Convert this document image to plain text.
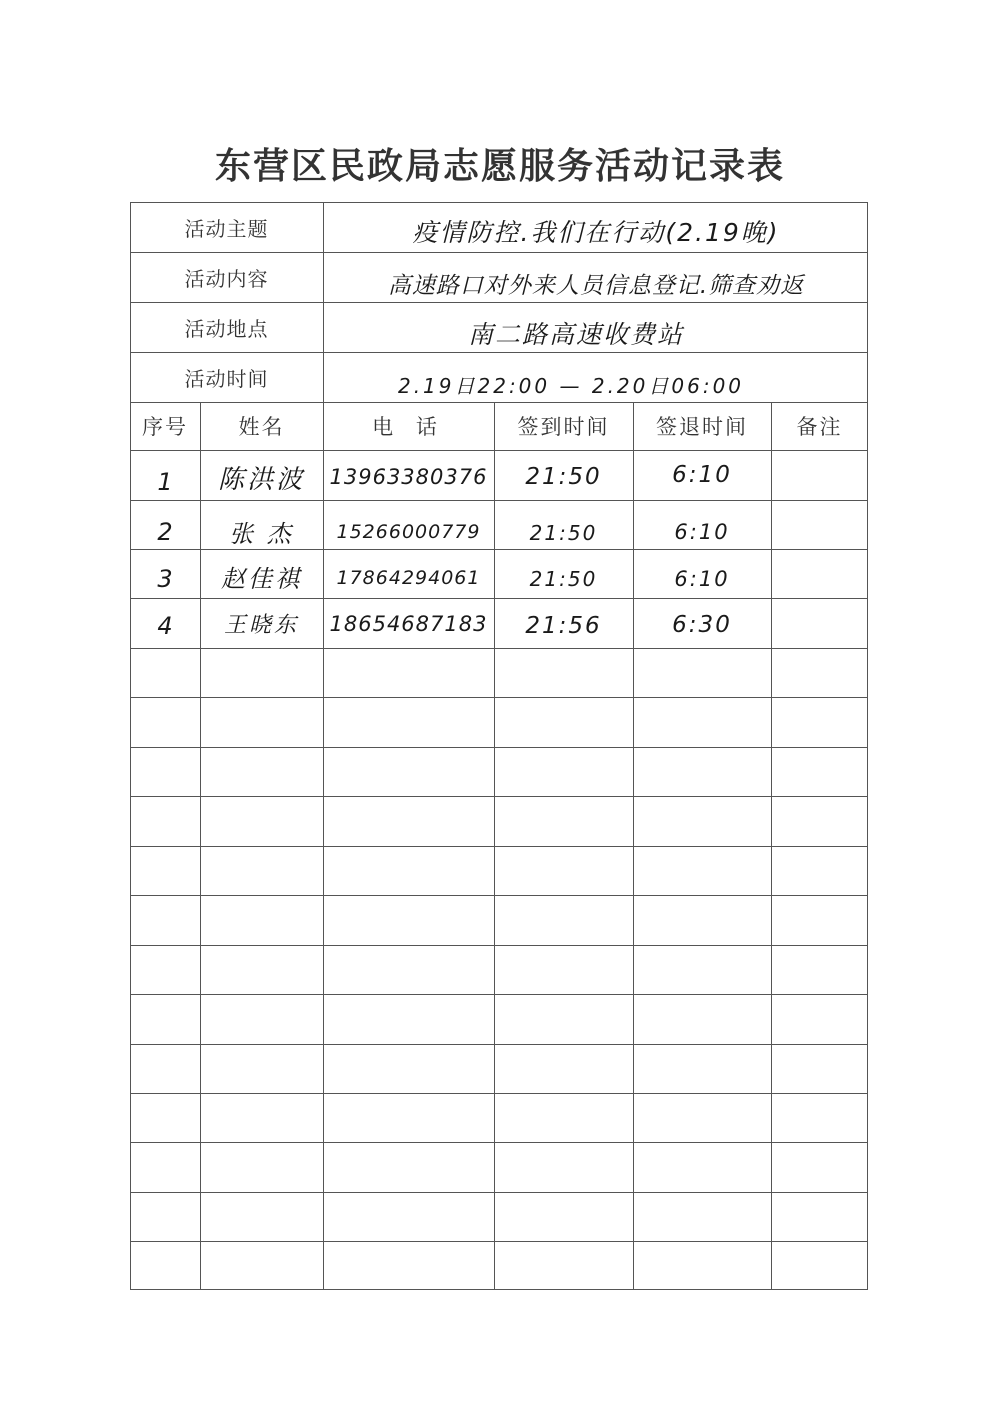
东营区民政局志愿服务活动记录表
活动主题	疫情防控.我们在行动(2.19晚)
活动内容	高速路口对外来人员信息登记.筛查劝返
活动地点	南二路高速收费站
活动时间	2.19日22:00 — 2.20日06:00
序号	姓名	电 话	签到时间	签退时间	备注
1	陈洪波	13963380376	21:50	6:10
2	张 杰	15266000779	21:50	6:10
3	赵佳祺	17864294061	21:50	6:10
4	王晓东	18654687183	21:56	6:30
